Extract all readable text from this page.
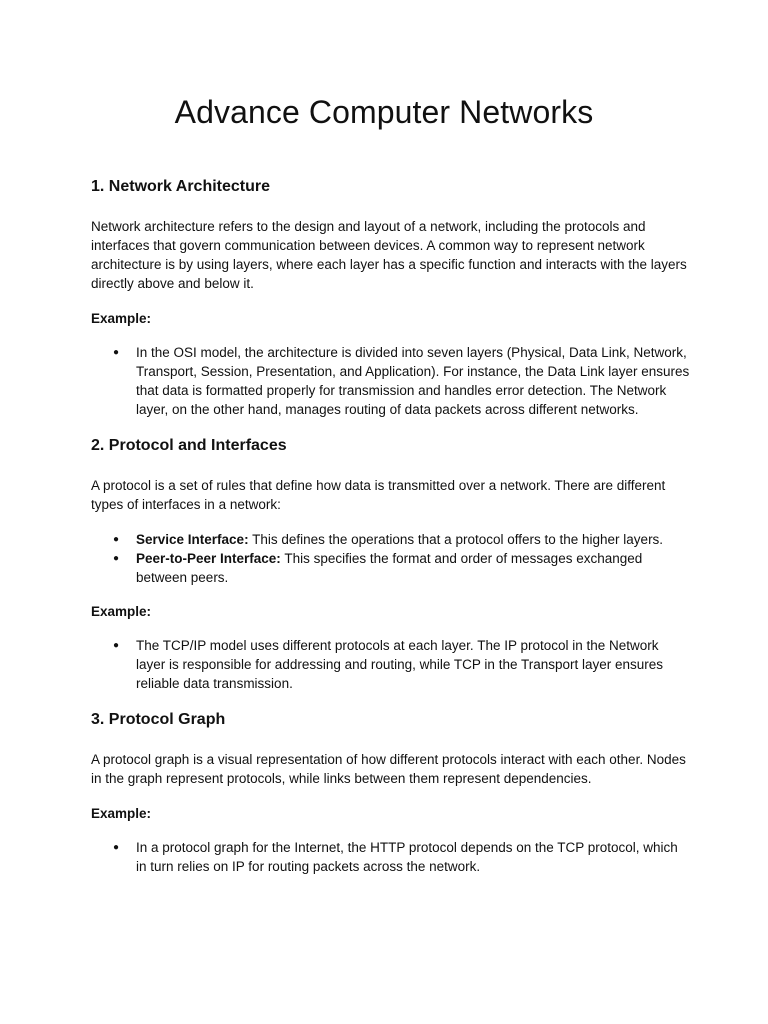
Advance Computer Networks
1. Network Architecture

Network architecture refers to the design and layout of a network, including the protocols and interfaces that govern communication between devices. A common way to represent network architecture is by using layers, where each layer has a specific function and interacts with the layers directly above and below it.

Example:
● In the OSI model, the architecture is divided into seven layers (Physical, Data Link, Network, Transport, Session, Presentation, and Application). For instance, the Data Link layer ensures that data is formatted properly for transmission and handles error detection. The Network layer, on the other hand, manages routing of data packets across different networks.
2. Protocol and Interfaces

A protocol is a set of rules that define how data is transmitted over a network. There are different types of interfaces in a network:

● Service Interface: This defines the operations that a protocol offers to the higher layers.
● Peer-to-Peer Interface: This specifies the format and order of messages exchanged between peers.
Example:
● The TCP/IP model uses different protocols at each layer. The IP protocol in the Network layer is responsible for addressing and routing, while TCP in the Transport layer ensures reliable data transmission.
3. Protocol Graph

A protocol graph is a visual representation of how different protocols interact with each other. Nodes in the graph represent protocols, while links between them represent dependencies.

Example:
● In a protocol graph for the Internet, the HTTP protocol depends on the TCP protocol, which in turn relies on IP for routing packets across the network.
